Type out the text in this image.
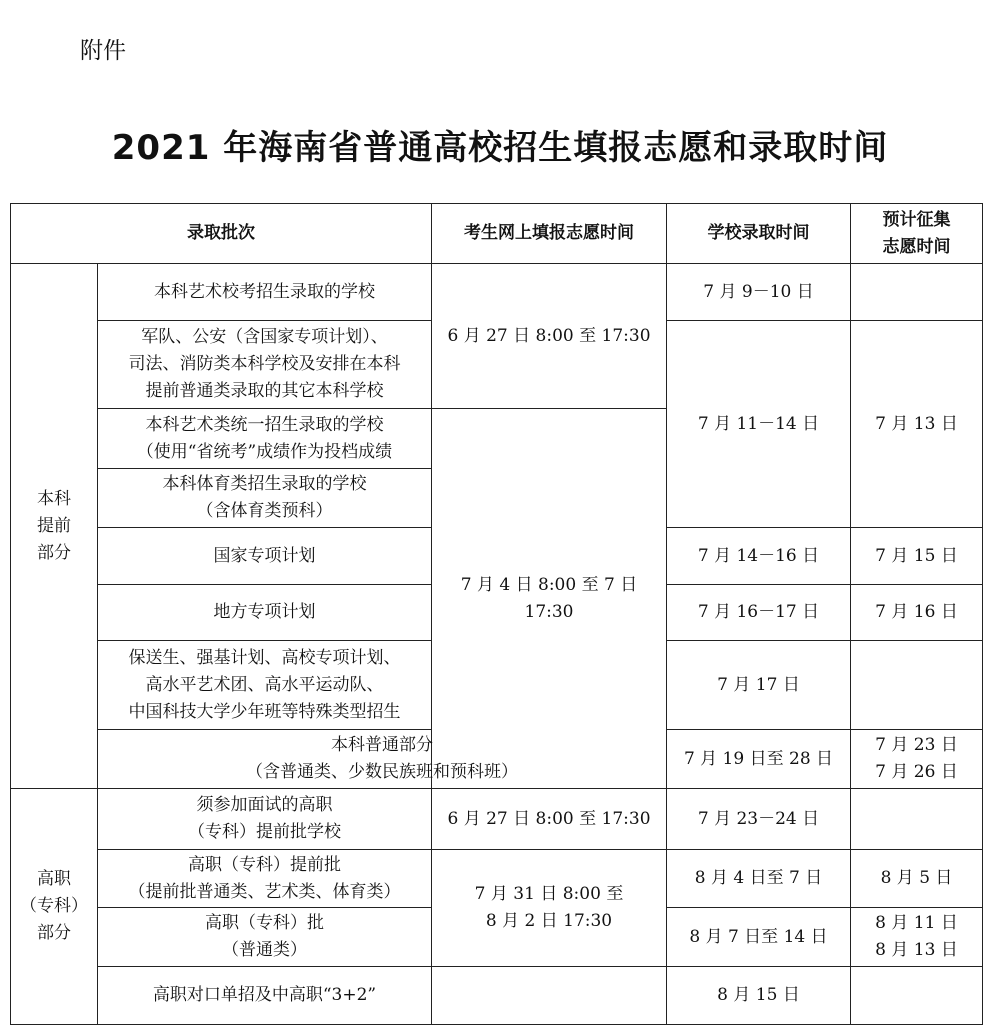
附件
2021 年海南省普通高校招生填报志愿和录取时间
录取批次		考生网上填报志愿时间	学校录取时间	预计征集
志愿时间
本科
提前
部分	本科艺术校考招生录取的学校	6 月 27 日 8:00 至 17:30	7 月 9－10 日	
	军队、公安（含国家专项计划）、
司法、消防类本科学校及安排在本科
提前普通类录取的其它本科学校		7 月 11－14 日	7 月 13 日
	本科艺术类统一招生录取的学校
（使用“省统考”成绩作为投档成绩	7 月 4 日 8:00 至 7 日 17:30		
	本科体育类招生录取的学校
（含体育类预科）			
	国家专项计划		7 月 14－16 日	7 月 15 日
	地方专项计划		7 月 16－17 日	7 月 16 日
	保送生、强基计划、高校专项计划、
高水平艺术团、高水平运动队、
中国科技大学少年班等特殊类型招生		7 月 17 日	
	本科普通部分
（含普通类、少数民族班和预科班）		7 月 19 日至 28 日	7 月 23 日
7 月 26 日
高职
（专科）
部分	须参加面试的高职
（专科）提前批学校	6 月 27 日 8:00 至 17:30	7 月 23－24 日	
	高职（专科）提前批
（提前批普通类、艺术类、体育类）	7 月 31 日 8:00 至
8 月 2 日 17:30	8 月 4 日至 7 日	8 月 5 日
	高职（专科）批
（普通类）		8 月 7 日至 14 日	8 月 11 日
8 月 13 日
	高职对口单招及中高职“3+2”		8 月 15 日	
